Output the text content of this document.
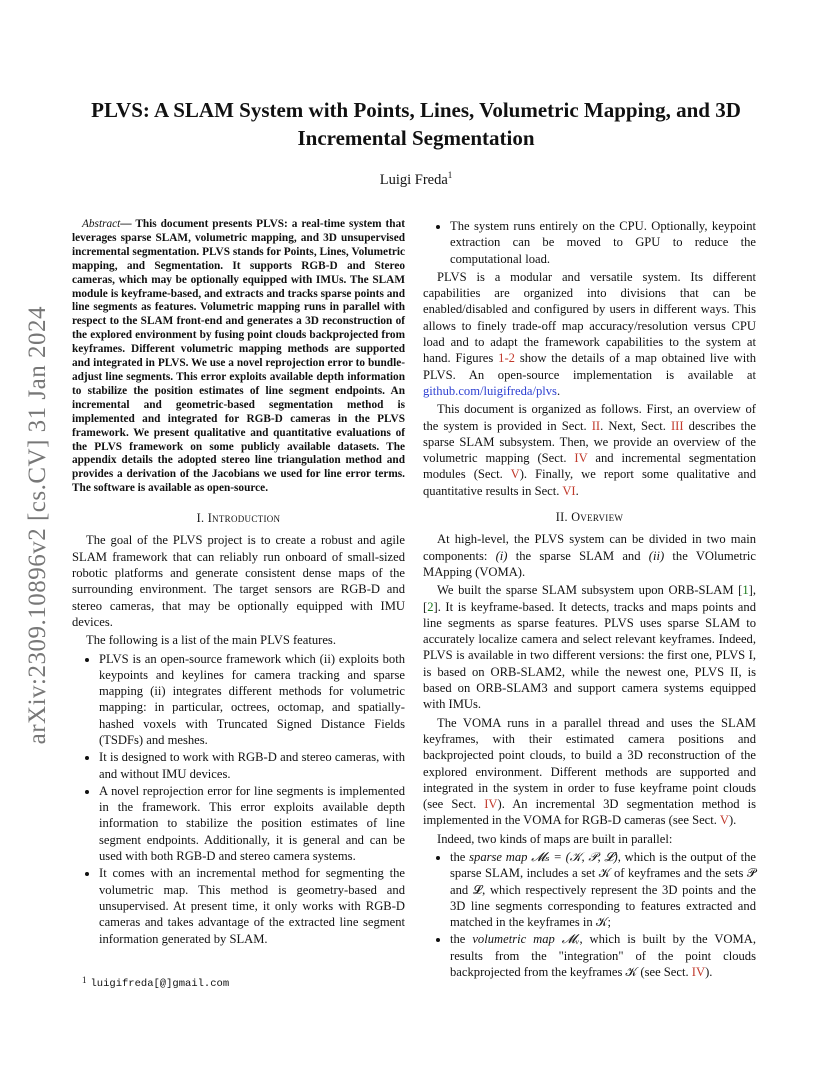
arXiv:2309.10896v2 [cs.CV] 31 Jan 2024
PLVS: A SLAM System with Points, Lines, Volumetric Mapping, and 3D Incremental Segmentation
Luigi Freda$^1$

Abstract— This document presents PLVS: a real-time system that leverages sparse SLAM, volumetric mapping, and 3D unsupervised incremental segmentation. PLVS stands for Points, Lines, Volumetric mapping, and Segmentation. It supports RGB-D and Stereo cameras, which may be optionally equipped with IMUs. The SLAM module is keyframe-based, and extracts and tracks sparse points and line segments as features. Volumetric mapping runs in parallel with respect to the SLAM front-end and generates a 3D reconstruction of the explored environment by fusing point clouds backprojected from keyframes. Different volumetric mapping methods are supported and integrated in PLVS. We use a novel reprojection error to bundle-adjust line segments. This error exploits available depth information to stabilize the position estimates of line segment endpoints. An incremental and geometric-based segmentation method is implemented and integrated for RGB-D cameras in the PLVS framework. We present qualitative and quantitative evaluations of the PLVS framework on some publicly available datasets. The appendix details the adopted stereo line triangulation method and provides a derivation of the Jacobians we used for line error terms. The software is available as open-source.

I. Introduction

The goal of the PLVS project is to create a robust and agile SLAM framework that can reliably run onboard of small-sized robotic platforms and generate consistent dense maps of the surrounding environment. The target sensors are RGB-D and stereo cameras, that may be optionally equipped with IMU devices.

The following is a list of the main PLVS features.

• PLVS is an open-source framework which (ii) exploits both keypoints and keylines for camera tracking and sparse mapping (ii) integrates different methods for volumetric mapping: in particular, octrees, octomap, and spatially-hashed voxels with Truncated Signed Distance Fields (TSDFs) and meshes.
• It is designed to work with RGB-D and stereo cameras, with and without IMU devices.
• A novel reprojection error for line segments is implemented in the framework. This error exploits available depth information to stabilize the position estimates of line segment endpoints. Additionally, it is general and can be used with both RGB-D and stereo camera systems.
• It comes with an incremental method for segmenting the volumetric map. This method is geometry-based and unsupervised. At present time, it only works with RGB-D cameras and takes advantage of the extracted line segment information generated by SLAM.
1 luigifreda[@]gmail.com
• The system runs entirely on the CPU. Optionally, keypoint extraction can be moved to GPU to reduce the computational load.

PLVS is a modular and versatile system. Its different capabilities are organized into divisions that can be enabled/disabled and configured by users in different ways. This allows to finely trade-off map accuracy/resolution versus CPU load and to adapt the framework capabilities to the system at hand. Figures 1-2 show the details of a map obtained live with PLVS. An open-source implementation is available at github.com/luigifreda/plvs.

This document is organized as follows. First, an overview of the system is provided in Sect. II. Next, Sect. III describes the sparse SLAM subsystem. Then, we provide an overview of the volumetric mapping (Sect. IV and incremental segmentation modules (Sect. V). Finally, we report some qualitative and quantitative results in Sect. VI.

II. Overview

At high-level, the PLVS system can be divided in two main components: (i) the sparse SLAM and (ii) the VOlumetric MApping (VOMA).

We built the sparse SLAM subsystem upon ORB-SLAM [1], [2]. It is keyframe-based. It detects, tracks and maps points and line segments as sparse features. PLVS uses sparse SLAM to accurately localize camera and select relevant keyframes. Indeed, PLVS is available in two different versions: the first one, PLVS I, is based on ORB-SLAM2, while the newest one, PLVS II, is based on ORB-SLAM3 and support camera systems equipped with IMUs.

The VOMA runs in a parallel thread and uses the SLAM keyframes, with their estimated camera positions and backprojected point clouds, to build a 3D reconstruction of the explored environment. Different methods are supported and integrated in the system in order to fuse keyframe point clouds (see Sect. IV). An incremental 3D segmentation method is implemented in the VOMA for RGB-D cameras (see Sect. V).

Indeed, two kinds of maps are built in parallel:

• the sparse map 𝓜ₛ = (𝒦, 𝒫, 𝓛), which is the output of the sparse SLAM, includes a set 𝒦 of keyframes and the sets 𝒫 and 𝓛, which respectively represent the 3D points and the 3D line segments corresponding to features extracted and matched in the keyframes in 𝒦;
• the volumetric map 𝓜ᵥ, which is built by the VOMA, results from the "integration" of the point clouds backprojected from the keyframes 𝒦 (see Sect. IV).
